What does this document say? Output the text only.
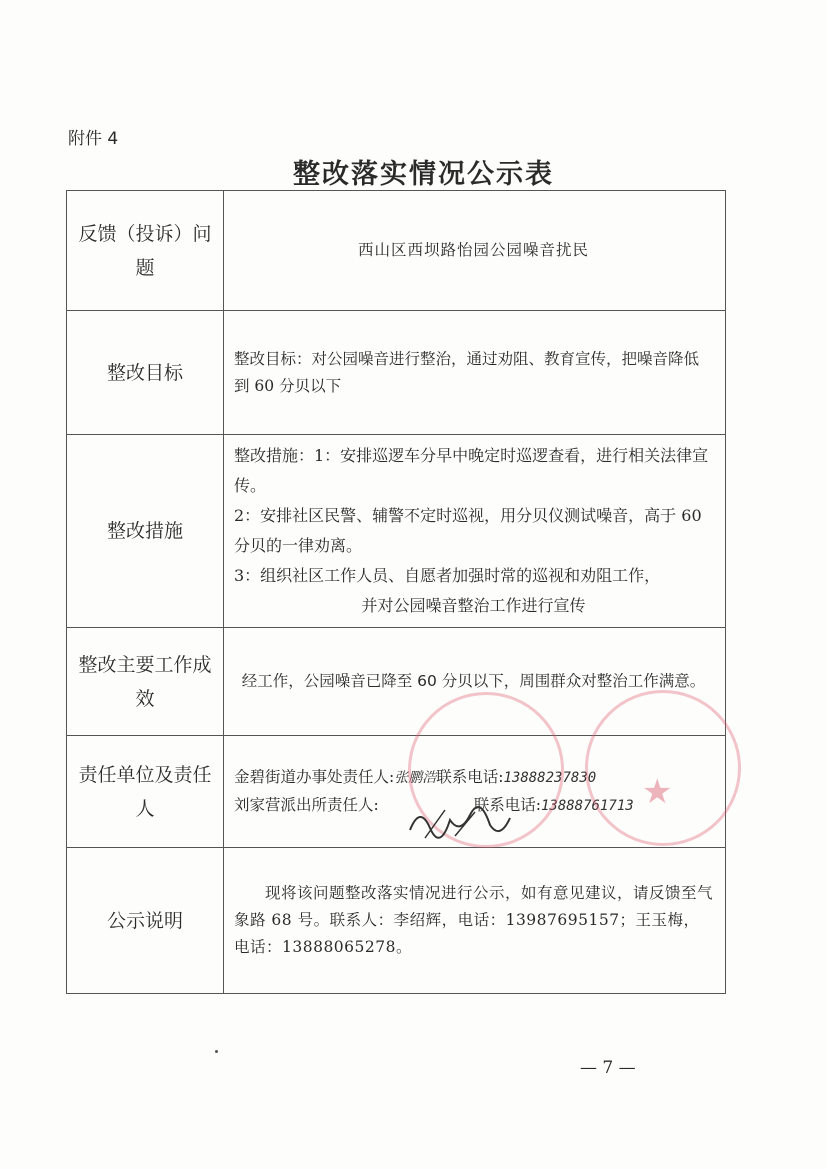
附件 4
整改落实情况公示表
反馈（投诉）问题	西山区西坝路怡园公园噪音扰民
整改目标	整改目标：对公园噪音进行整治，通过劝阻、教育宣传，把噪音降低到 60 分贝以下
整改措施	整改措施：1：安排巡逻车分早中晚定时巡逻查看，进行相关法律宣传。

2：安排社区民警、辅警不定时巡视，用分贝仪测试噪音，高于 60 分贝的一律劝离。

3：组织社区工作人员、自愿者加强时常的巡视和劝阻工作，

并对公园噪音整治工作进行宣传

整改主要工作成效	经工作，公园噪音已降至 60 分贝以下，周围群众对整治工作满意。
责任单位及责任人	金碧街道办事处责任人:张鹏浩联系电话:13888237830
刘家营派出所责任人: 联系电话:13888761713

公示说明	现将该问题整改落实情况进行公示，如有意见建议，请反馈至气象路 68 号。联系人：李绍辉，电话：13987695157；王玉梅，电话：13888065278。
★
— 7 —
